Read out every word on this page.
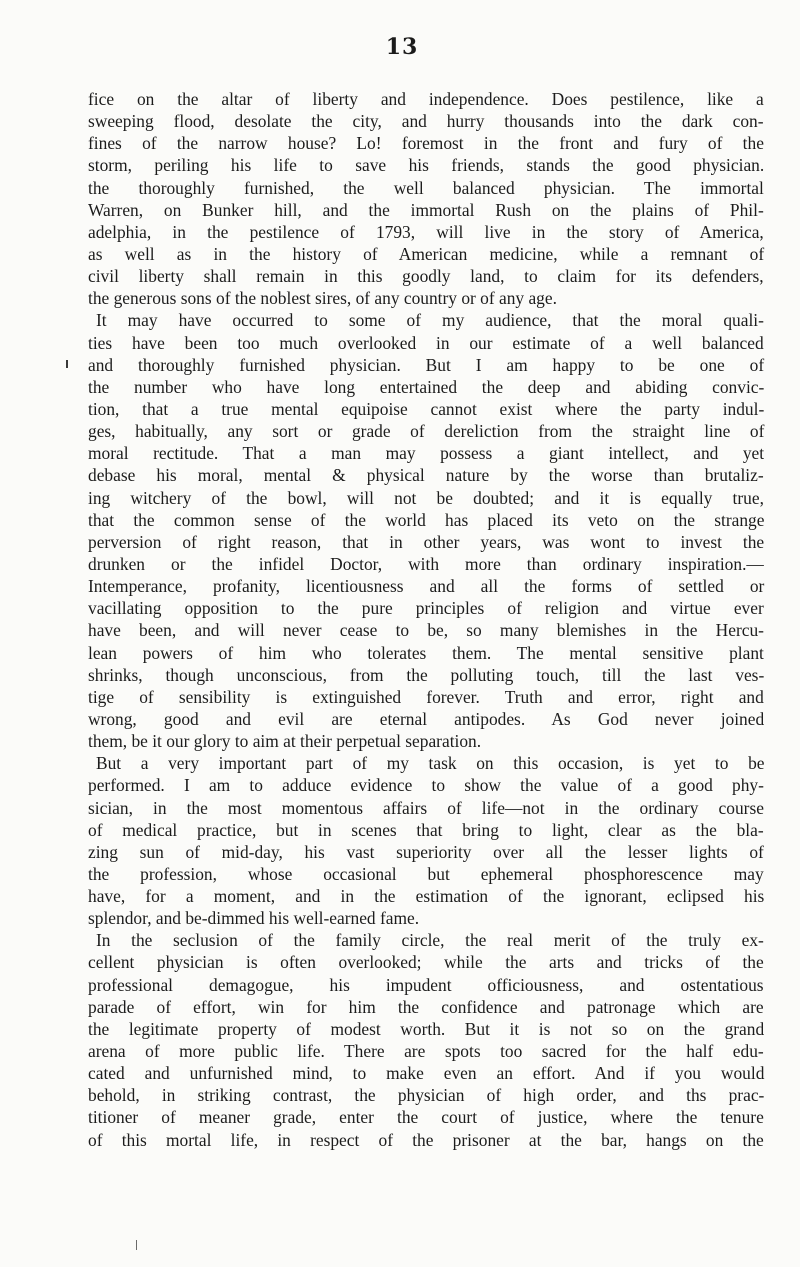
13
fice on the altar of liberty and independence. Does pestilence, like a
sweeping flood, desolate the city, and hurry thousands into the dark con-
fines of the narrow house? Lo! foremost in the front and fury of the
storm, periling his life to save his friends, stands the good physician.
the thoroughly furnished, the well balanced physician. The immortal
Warren, on Bunker hill, and the immortal Rush on the plains of Phil-
adelphia, in the pestilence of 1793, will live in the story of America,
as well as in the history of American medicine, while a remnant of
civil liberty shall remain in this goodly land, to claim for its defenders,
the generous sons of the noblest sires, of any country or of any age.
It may have occurred to some of my audience, that the moral quali-
ties have been too much overlooked in our estimate of a well balanced
and thoroughly furnished physician. But I am happy to be one of
the number who have long entertained the deep and abiding convic-
tion, that a true mental equipoise cannot exist where the party indul-
ges, habitually, any sort or grade of dereliction from the straight line of
moral rectitude. That a man may possess a giant intellect, and yet
debase his moral, mental & physical nature by the worse than brutaliz-
ing witchery of the bowl, will not be doubted; and it is equally true,
that the common sense of the world has placed its veto on the strange
perversion of right reason, that in other years, was wont to invest the
drunken or the infidel Doctor, with more than ordinary inspiration.—
Intemperance, profanity, licentiousness and all the forms of settled or
vacillating opposition to the pure principles of religion and virtue ever
have been, and will never cease to be, so many blemishes in the Hercu-
lean powers of him who tolerates them. The mental sensitive plant
shrinks, though unconscious, from the polluting touch, till the last ves-
tige of sensibility is extinguished forever. Truth and error, right and
wrong, good and evil are eternal antipodes. As God never joined
them, be it our glory to aim at their perpetual separation.
But a very important part of my task on this occasion, is yet to be
performed. I am to adduce evidence to show the value of a good phy-
sician, in the most momentous affairs of life—not in the ordinary course
of medical practice, but in scenes that bring to light, clear as the bla-
zing sun of mid-day, his vast superiority over all the lesser lights of
the profession, whose occasional but ephemeral phosphorescence may
have, for a moment, and in the estimation of the ignorant, eclipsed his
splendor, and be-dimmed his well-earned fame.
In the seclusion of the family circle, the real merit of the truly ex-
cellent physician is often overlooked; while the arts and tricks of the
professional demagogue, his impudent officiousness, and ostentatious
parade of effort, win for him the confidence and patronage which are
the legitimate property of modest worth. But it is not so on the grand
arena of more public life. There are spots too sacred for the half edu-
cated and unfurnished mind, to make even an effort. And if you would
behold, in striking contrast, the physician of high order, and ths prac-
titioner of meaner grade, enter the court of justice, where the tenure
of this mortal life, in respect of the prisoner at the bar, hangs on the
